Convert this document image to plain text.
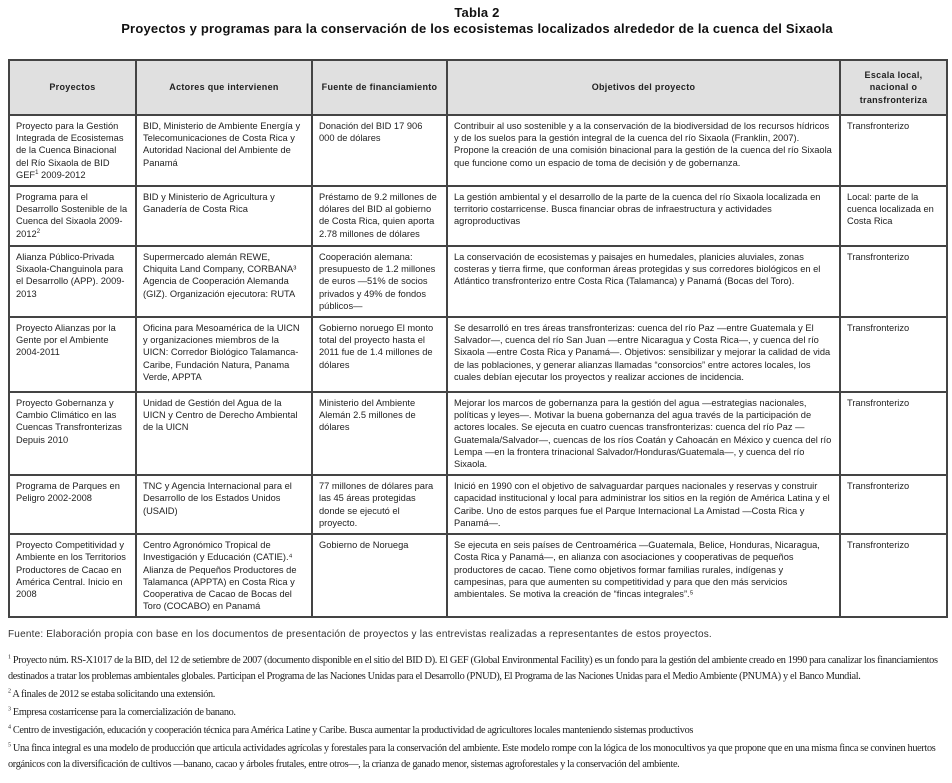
Tabla 2
Proyectos y programas para la conservación de los ecosistemas localizados alrededor de la cuenca del Sixaola
Proyectos	Actores que intervienen	Fuente de financiamiento	Objetivos del proyecto	Escala local, nacional o transfronteriza
Proyecto para la Gestión Integrada de Ecosistemas de la Cuenca Binacional del Río Sixaola de BID GEF$^1$ 2009-2012	BID, Ministerio de Ambiente Energía y Telecomunicaciones de Costa Rica y Autoridad Nacional del Ambiente de Panamá	Donación del BID 17 906 000 de dólares	Contribuir al uso sostenible y a la conservación de la biodiversidad de los recursos hídricos y de los suelos para la gestión integral de la cuenca del río Sixaola (Franklin, 2007). Propone la creación de una comisión binacional para la gestión de la cuenca del río Sixaola que funcione como un espacio de toma de decisión y de gobernanza.	Transfronterizo
Programa para el Desarrollo Sostenible de la Cuenca del Sixaola 2009-2012$^2$	BID y Ministerio de Agricultura y Ganadería de Costa Rica	Préstamo de 9.2 millones de dólares del BID al gobierno de Costa Rica, quien aporta 2.78 millones de dólares	La gestión ambiental y el desarrollo de la parte de la cuenca del río Sixaola localizada en territorio costarricense. Busca financiar obras de infraestructura y actividades agroproductivas	Local: parte de la cuenca localizada en Costa Rica
Alianza Público-Privada Sixaola-Changuinola para el Desarrollo (APP). 2009-2013	Supermercado alemán REWE, Chiquita Land Company, CORBANA³ Agencia de Cooperación Alemanda (GIZ). Organización ejecutora: RUTA	Cooperación alemana: presupuesto de 1.2 millones de euros —51% de socios privados y 49% de fondos públicos—	La conservación de ecosistemas y paisajes en humedales, planicies aluviales, zonas costeras y tierra firme, que conforman áreas protegidas y sus corredores biológicos en el Atlántico transfronterizo entre Costa Rica (Talamanca) y Panamá (Bocas del Toro).	Transfronterizo
Proyecto Alianzas por la Gente por el Ambiente 2004-2011	Oficina para Mesoamérica de la UICN y organizaciones miembros de la UICN: Corredor Biológico Talamanca-Caribe, Fundación Natura, Panama Verde, APPTA	Gobierno noruego El monto total del proyecto hasta el 2011 fue de 1.4 millones de dólares	Se desarrolló en tres áreas transfronterizas: cuenca del río Paz —entre Guatemala y El Salvador—, cuenca del río San Juan —entre Nicaragua y Costa Rica—, y cuenca del río Sixaola —entre Costa Rica y Panamá—. Objetivos: sensibilizar y mejorar la calidad de vida de las poblaciones, y generar alianzas llamadas “consorcios” entre actores locales, los cuales debían ejecutar los proyectos y realizar acciones de incidencia.	Transfronterizo
Proyecto Gobernanza y Cambio Climático en las Cuencas Transfronterizas Depuis 2010	Unidad de Gestión del Agua de la UICN y Centro de Derecho Ambiental de la UICN	Ministerio del Ambiente Alemán 2.5 millones de dólares	Mejorar los marcos de gobernanza para la gestión del agua —estrategias nacionales, políticas y leyes—. Motivar la buena gobernanza del agua través de la participación de actores locales. Se ejecuta en cuatro cuencas transfronterizas: cuenca del río Paz —Guatemala/Salvador—, cuencas de los ríos Coatán y Cahoacán en México y cuenca del río Lempa —en la frontera trinacional Salvador/Honduras/Guatemala—, y cuenca del río Sixaola.	Transfronterizo
Programa de Parques en Peligro 2002-2008	TNC y Agencia Internacional para el Desarrollo de los Estados Unidos (USAID)	77 millones de dólares para las 45 áreas protegidas donde se ejecutó el proyecto.	Inició en 1990 con el objetivo de salvaguardar parques nacionales y reservas y construir capacidad institucional y local para administrar los sitios en la región de América Latina y el Caribe. Uno de estos parques fue el Parque Internacional La Amistad —Costa Rica y Panamá—.	Transfronterizo
Proyecto Competitividad y Ambiente en los Territorios Productores de Cacao en América Central. Inicio en 2008	Centro Agronómico Tropical de Investigación y Educación (CATIE).⁴ Alianza de Pequeños Productores de Talamanca (APPTA) en Costa Rica y Cooperativa de Cacao de Bocas del Toro (COCABO) en Panamá	Gobierno de Noruega	Se ejecuta en seis países de Centroamérica —Guatemala, Belice, Honduras, Nicaragua, Costa Rica y Panamá—, en alianza con asociaciones y cooperativas de pequeños productores de cacao. Tiene como objetivos formar familias rurales, indígenas y campesinas, para que aumenten su competitividad y para que den más servicios ambientales. Se motiva la creación de “fincas integrales”.⁵	Transfronterizo
Fuente: Elaboración propia con base en los documentos de presentación de proyectos y las entrevistas realizadas a representantes de estos proyectos.
$^1$ Proyecto núm. RS-X1017 de la BID, del 12 de setiembre de 2007 (documento disponible en el sitio del BID D). El GEF (Global Environmental Facility) es un fondo para la gestión del ambiente creado en 1990 para canalizar los financiamientos destinados a tratar los problemas ambientales globales. Participan el Programa de las Naciones Unidas para el Desarrollo (PNUD), El Programa de las Naciones Unidas para el Medio Ambiente (PNUMA) y el Banco Mundial.
$^2$ A finales de 2012 se estaba solicitando una extensión.
$^3$ Empresa costarricense para la comercialización de banano.
$^4$ Centro de investigación, educación y cooperación técnica para América Latine y Caribe. Busca aumentar la productividad de agricultores locales manteniendo sistemas productivos
$^5$ Una finca integral es una modelo de producción que articula actividades agrícolas y forestales para la conservación del ambiente. Este modelo rompe con la lógica de los monocultivos ya que propone que en una misma finca se convinen huertos orgánicos con la diversificación de cultivos —banano, cacao y árboles frutales, entre otros—, la crianza de ganado menor, sistemas agroforestales y la conservación del ambiente.
